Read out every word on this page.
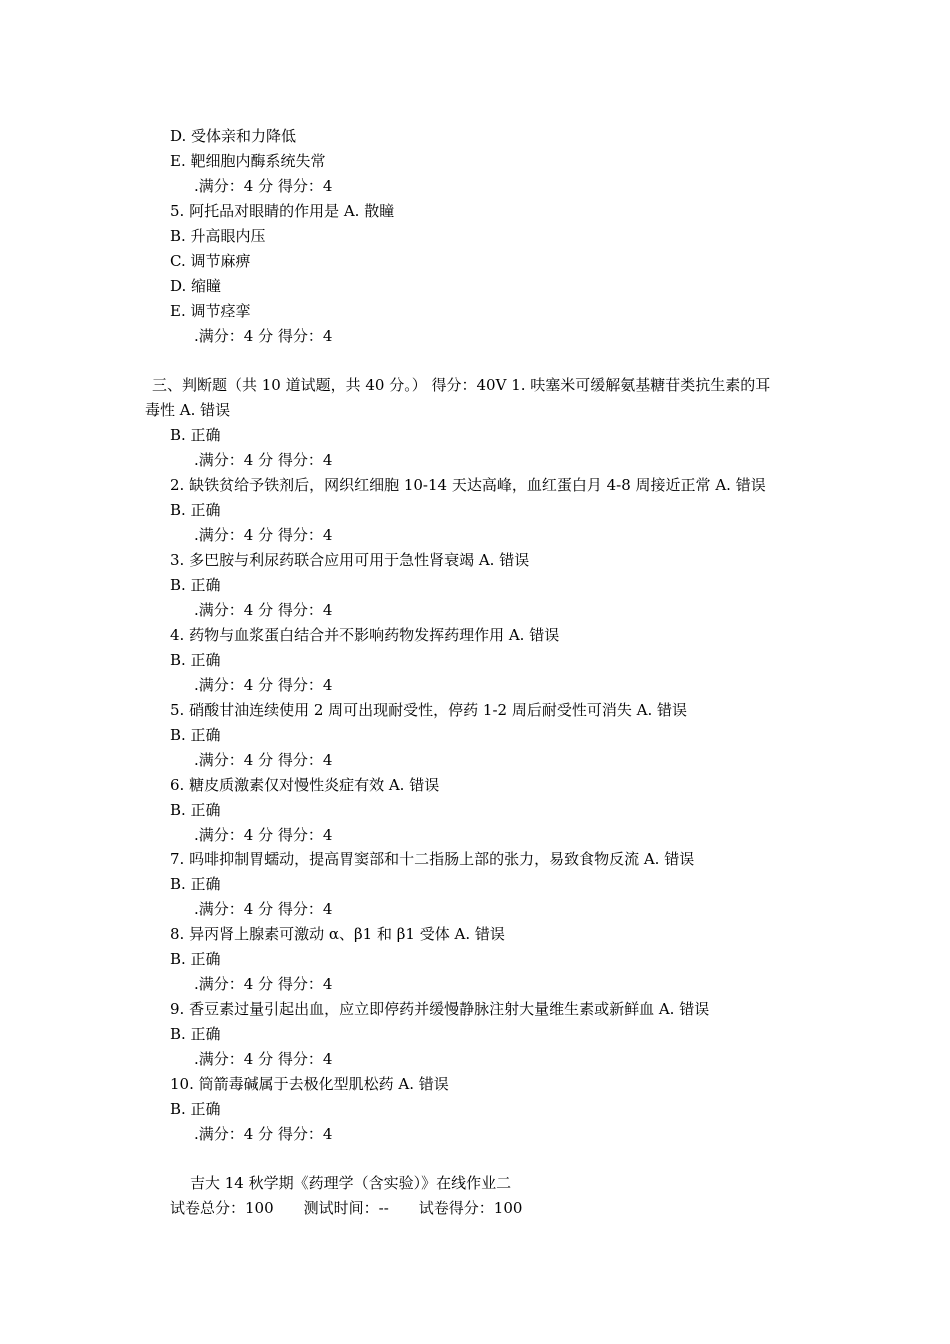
D. 受体亲和力降低
E. 靶细胞内酶系统失常
.满分：4 分 得分：4
5. 阿托品对眼睛的作用是 A. 散瞳
B. 升高眼内压
C. 调节麻痹
D. 缩瞳
E. 调节痉挛
.满分：4 分 得分：4
三、判断题（共 10 道试题，共 40 分。） 得分：40V 1. 呋塞米可缓解氨基糖苷类抗生素的耳
毒性 A. 错误
B. 正确
.满分：4 分 得分：4
2. 缺铁贫给予铁剂后，网织红细胞 10-14 天达高峰，血红蛋白月 4-8 周接近正常 A. 错误
B. 正确
.满分：4 分 得分：4
3. 多巴胺与利尿药联合应用可用于急性肾衰竭 A. 错误
B. 正确
.满分：4 分 得分：4
4. 药物与血浆蛋白结合并不影响药物发挥药理作用 A. 错误
B. 正确
.满分：4 分 得分：4
5. 硝酸甘油连续使用 2 周可出现耐受性，停药 1-2 周后耐受性可消失 A. 错误
B. 正确
.满分：4 分 得分：4
6. 糖皮质激素仅对慢性炎症有效 A. 错误
B. 正确
.满分：4 分 得分：4
7. 吗啡抑制胃蠕动，提高胃窦部和十二指肠上部的张力，易致食物反流 A. 错误
B. 正确
.满分：4 分 得分：4
8. 异丙肾上腺素可激动 α、β1 和 β1 受体 A. 错误
B. 正确
.满分：4 分 得分：4
9. 香豆素过量引起出血，应立即停药并缓慢静脉注射大量维生素或新鲜血 A. 错误
B. 正确
.满分：4 分 得分：4
10. 筒箭毒碱属于去极化型肌松药 A. 错误
B. 正确
.满分：4 分 得分：4
吉大 14 秋学期《药理学（含实验）》在线作业二
试卷总分：100 测试时间：-- 试卷得分：100
